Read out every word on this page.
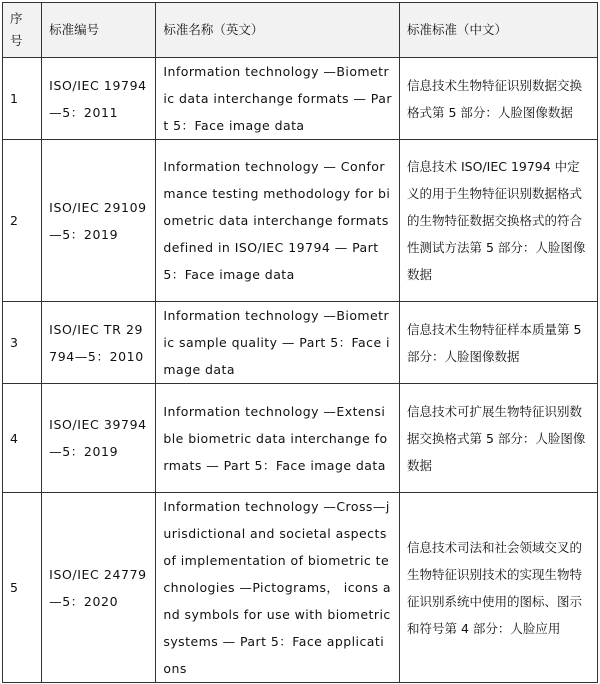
序号	标准编号	标准名称（英文）	标准标准（中文）
1	ISO/IEC 19794—5：2011	Information technology —Biometric data interchange formats — Part 5：Face image data	信息技术生物特征识别数据交换格式第 5 部分：人脸图像数据
2	ISO/IEC 29109—5：2019	Information technology — Conformance testing methodology for biometric data interchange formats defined in ISO/IEC 19794 — Part 5：Face image data	信息技术 ISO/IEC 19794 中定义的用于生物特征识别数据格式的生物特征数据交换格式的符合性测试方法第 5 部分：人脸图像数据
3	ISO/IEC TR 29794—5：2010	Information technology —Biometric sample quality — Part 5：Face image data	信息技术生物特征样本质量第 5 部分：人脸图像数据
4	ISO/IEC 39794—5：2019	Information technology —Extensible biometric data interchange formats — Part 5：Face image data	信息技术可扩展生物特征识别数据交换格式第 5 部分：人脸图像数据
5	ISO/IEC 24779—5：2020	Information technology —Cross—jurisdictional and societal aspects of implementation of biometric technologies —Pictograms， icons and symbols for use with biometric systems — Part 5：Face applications	信息技术司法和社会领域交叉的生物特征识别技术的实现生物特征识别系统中使用的图标、图示和符号第 4 部分：人脸应用
